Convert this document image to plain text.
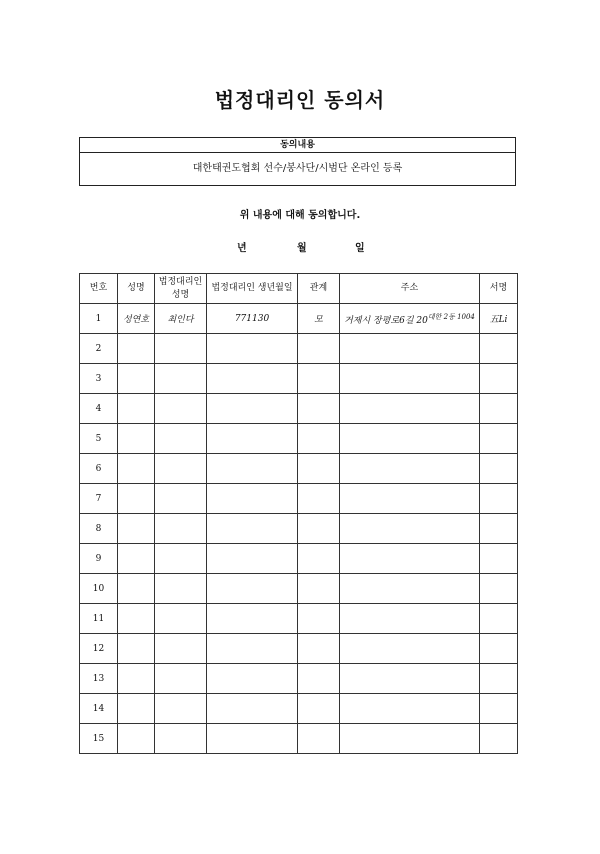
법정대리인 동의서
동의내용
대한태권도협회 선수/봉사단/시범단 온라인 등록
위 내용에 대해 동의합니다.
년	월	일
번호	성명	법정대리인 성명	법정대리인 생년월일	관계	주소	서명
1	성연호	최인다	771130	모	거제시 장평로6길 $20^{대한 2동 1004}$	五Li
2						
3						
4						
5						
6						
7						
8						
9						
10						
11						
12						
13						
14						
15						
